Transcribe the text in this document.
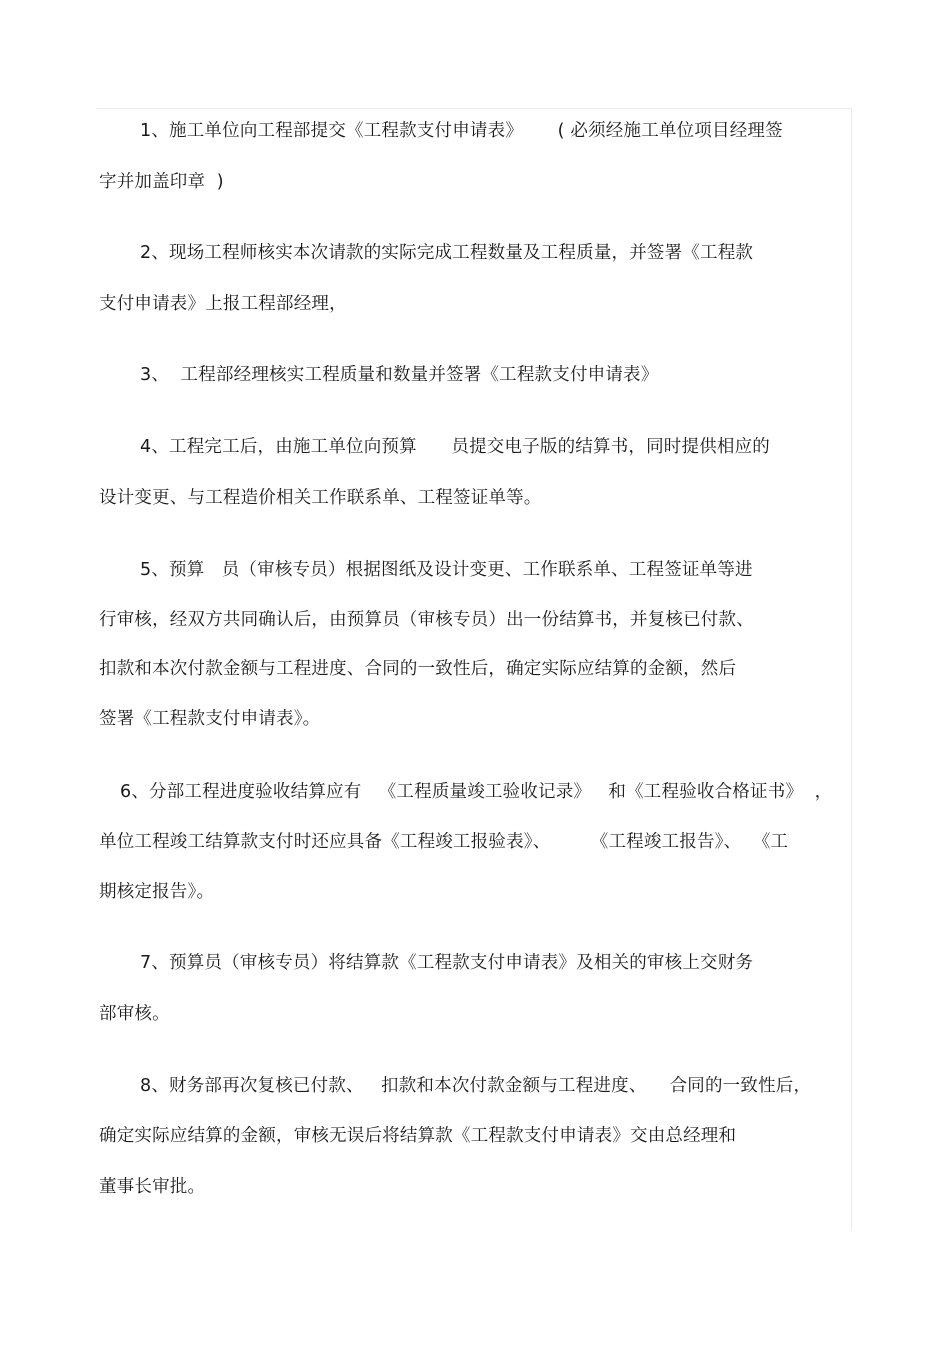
1、施工单位向工程部提交《工程款支付申请表》      ( 必须经施工单位项目经理签
字并加盖印章  )
2、现场工程师核实本次请款的实际完成工程数量及工程质量，并签署《工程款
支付申请表》上报工程部经理，
3、  工程部经理核实工程质量和数量并签署《工程款支付申请表》
4、工程完工后，由施工单位向预算      员提交电子版的结算书，同时提供相应的
设计变更、与工程造价相关工作联系单、工程签证单等。
5、预算   员（审核专员）根据图纸及设计变更、工作联系单、工程签证单等进
行审核，经双方共同确认后，由预算员（审核专员）出一份结算书，并复核已付款、
扣款和本次付款金额与工程进度、合同的一致性后，确定实际应结算的金额，然后
签署《工程款支付申请表》。
6、分部工程进度验收结算应有   《工程质量竣工验收记录》   和《工程验收合格证书》  ，
单位工程竣工结算款支付时还应具备《工程竣工报验表》、       《工程竣工报告》、  《工
期核定报告》。
7、预算员（审核专员）将结算款《工程款支付申请表》及相关的审核上交财务
部审核。
8、财务部再次复核已付款、   扣款和本次付款金额与工程进度、    合同的一致性后，
确定实际应结算的金额，审核无误后将结算款《工程款支付申请表》交由总经理和
董事长审批。
